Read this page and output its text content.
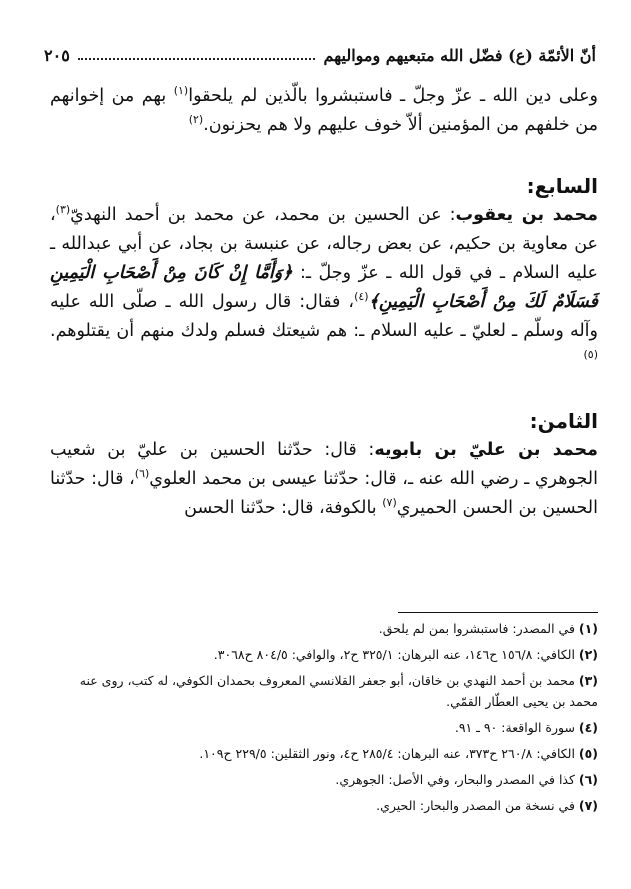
أنّ الأئمّة (ع) فضّل الله متبعيهم ومواليهم
٢٠٥

وعلى دين الله ـ عزّ وجلّ ـ فاستبشروا بالّذين لم يلحقوا$^{(١)}$ بهم من إخوانهم من خلفهم من المؤمنين ألاّ خوف عليهم ولا هم يحزنون.$^{(٢)}$

السابع:

محمد بن يعقوب: عن الحسين بن محمد، عن محمد بن أحمد النهديّ$^{(٣)}$، عن معاوية بن حكيم، عن بعض رجاله، عن عنبسة بن بجاد، عن أبي عبدالله ـ عليه السلام ـ في قول الله ـ عزّ وجلّ ـ: ﴿وَأَمَّا إِنْ كَانَ مِنْ أَصْحَابِ الْيَمِينِ فَسَلَامٌ لَكَ مِنْ أَصْحَابِ الْيَمِينِ﴾$^{(٤)}$، فقال: قال رسول الله ـ صلّى الله عليه وآله وسلّم ـ لعليّ ـ عليه السلام ـ: هم شيعتك فسلم ولدك منهم أن يقتلوهم.$^{(٥)}$

الثامن:

محمد بن عليّ بن بابويه: قال: حدّثنا الحسين بن عليّ بن شعيب الجوهري ـ رضي الله عنه ـ، قال: حدّثنا عيسى بن محمد العلوي$^{(٦)}$، قال: حدّثنا الحسين بن الحسن الحميري$^{(٧)}$ بالكوفة، قال: حدّثنا الحسن

(١) في المصدر: فاستبشروا بمن لم يلحق.

(٢) الكافي: ١٥٦/٨ ح١٤٦، عنه البرهان: ٣٢٥/١ ح٢، والوافي: ٨٠٤/٥ ح٣٠٦٨.

(٣) محمد بن أحمد النهدي بن خاقان، أبو جعفر القلانسي المعروف بحمدان الكوفي، له كتب، روى عنه محمد بن يحيى العطّار القمّي.

(٤) سورة الواقعة: ٩٠ ـ ٩١.

(٥) الكافي: ٢٦٠/٨ ح٣٧٣، عنه البرهان: ٢٨٥/٤ ح٤، ونور الثقلين: ٢٢٩/٥ ح١٠٩.

(٦) كذا في المصدر والبحار، وفي الأصل: الجوهري.

(٧) في نسخة من المصدر والبحار: الحيري.
